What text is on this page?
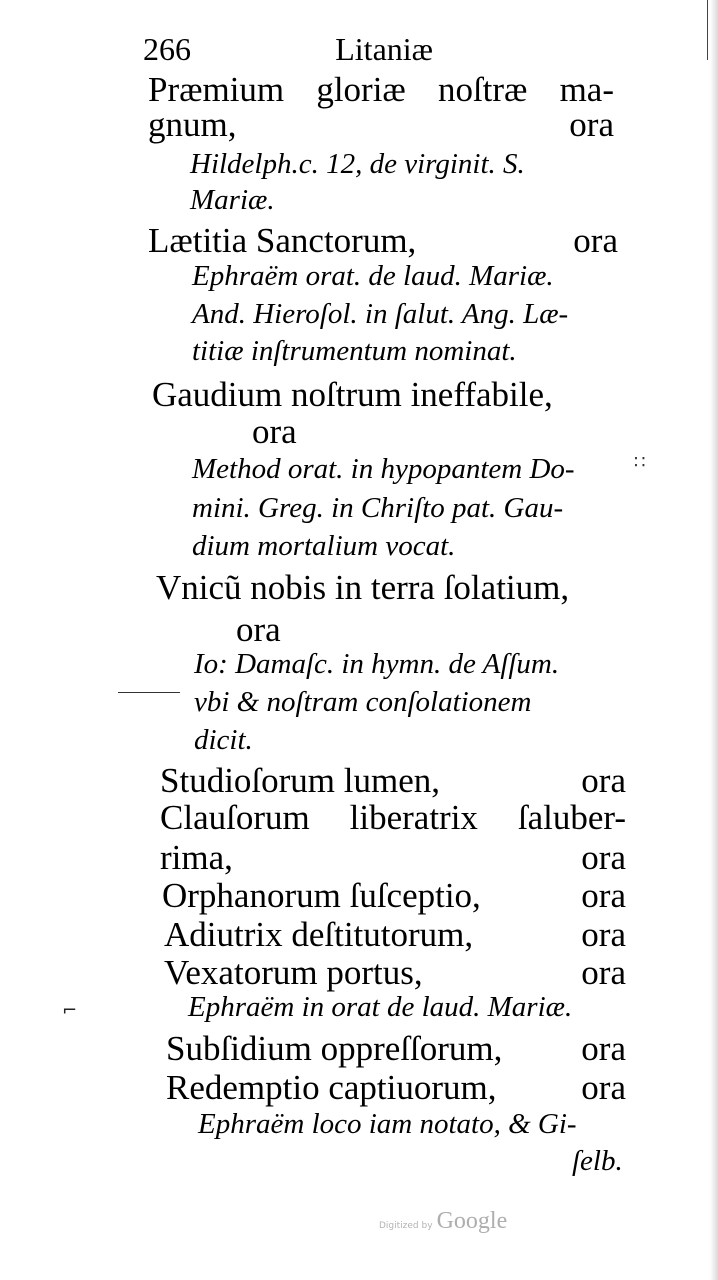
266	Litaniæ
Præmium gloriæ noſtræ ma-
gnum,	ora
Hildelph.c. 12, de virginit. S.
Mariæ.
Lætitia Sanctorum,	ora
Ephraëm orat. de laud. Mariæ.
And. Hieroſol. in ſalut. Ang. Læ-
titiæ inſtrumentum nominat.
Gaudium noſtrum ineffabile,
ora
Method orat. in hypopantem Do-
mini. Greg. in Chriſto pat. Gau-
dium mortalium vocat.
Vnicũ nobis in terra ſolatium,
ora
Io: Damaſc. in hymn. de Aſſum.
vbi & noſtram conſolationem
dicit.
Studioſorum lumen,	ora
Clauſorum liberatrix ſaluber-
rima,	ora
Orphanorum ſuſceptio,	ora
Adiutrix deſtitutorum,	ora
Vexatorum portus,	ora
Ephraëm in orat de laud. Mariæ.
Subſidium oppreſſorum, ora
Redemptio captiuorum, ora
Ephraëm loco iam notato, & Gi-
ſelb.
⌐
∷
Digitized by Google
